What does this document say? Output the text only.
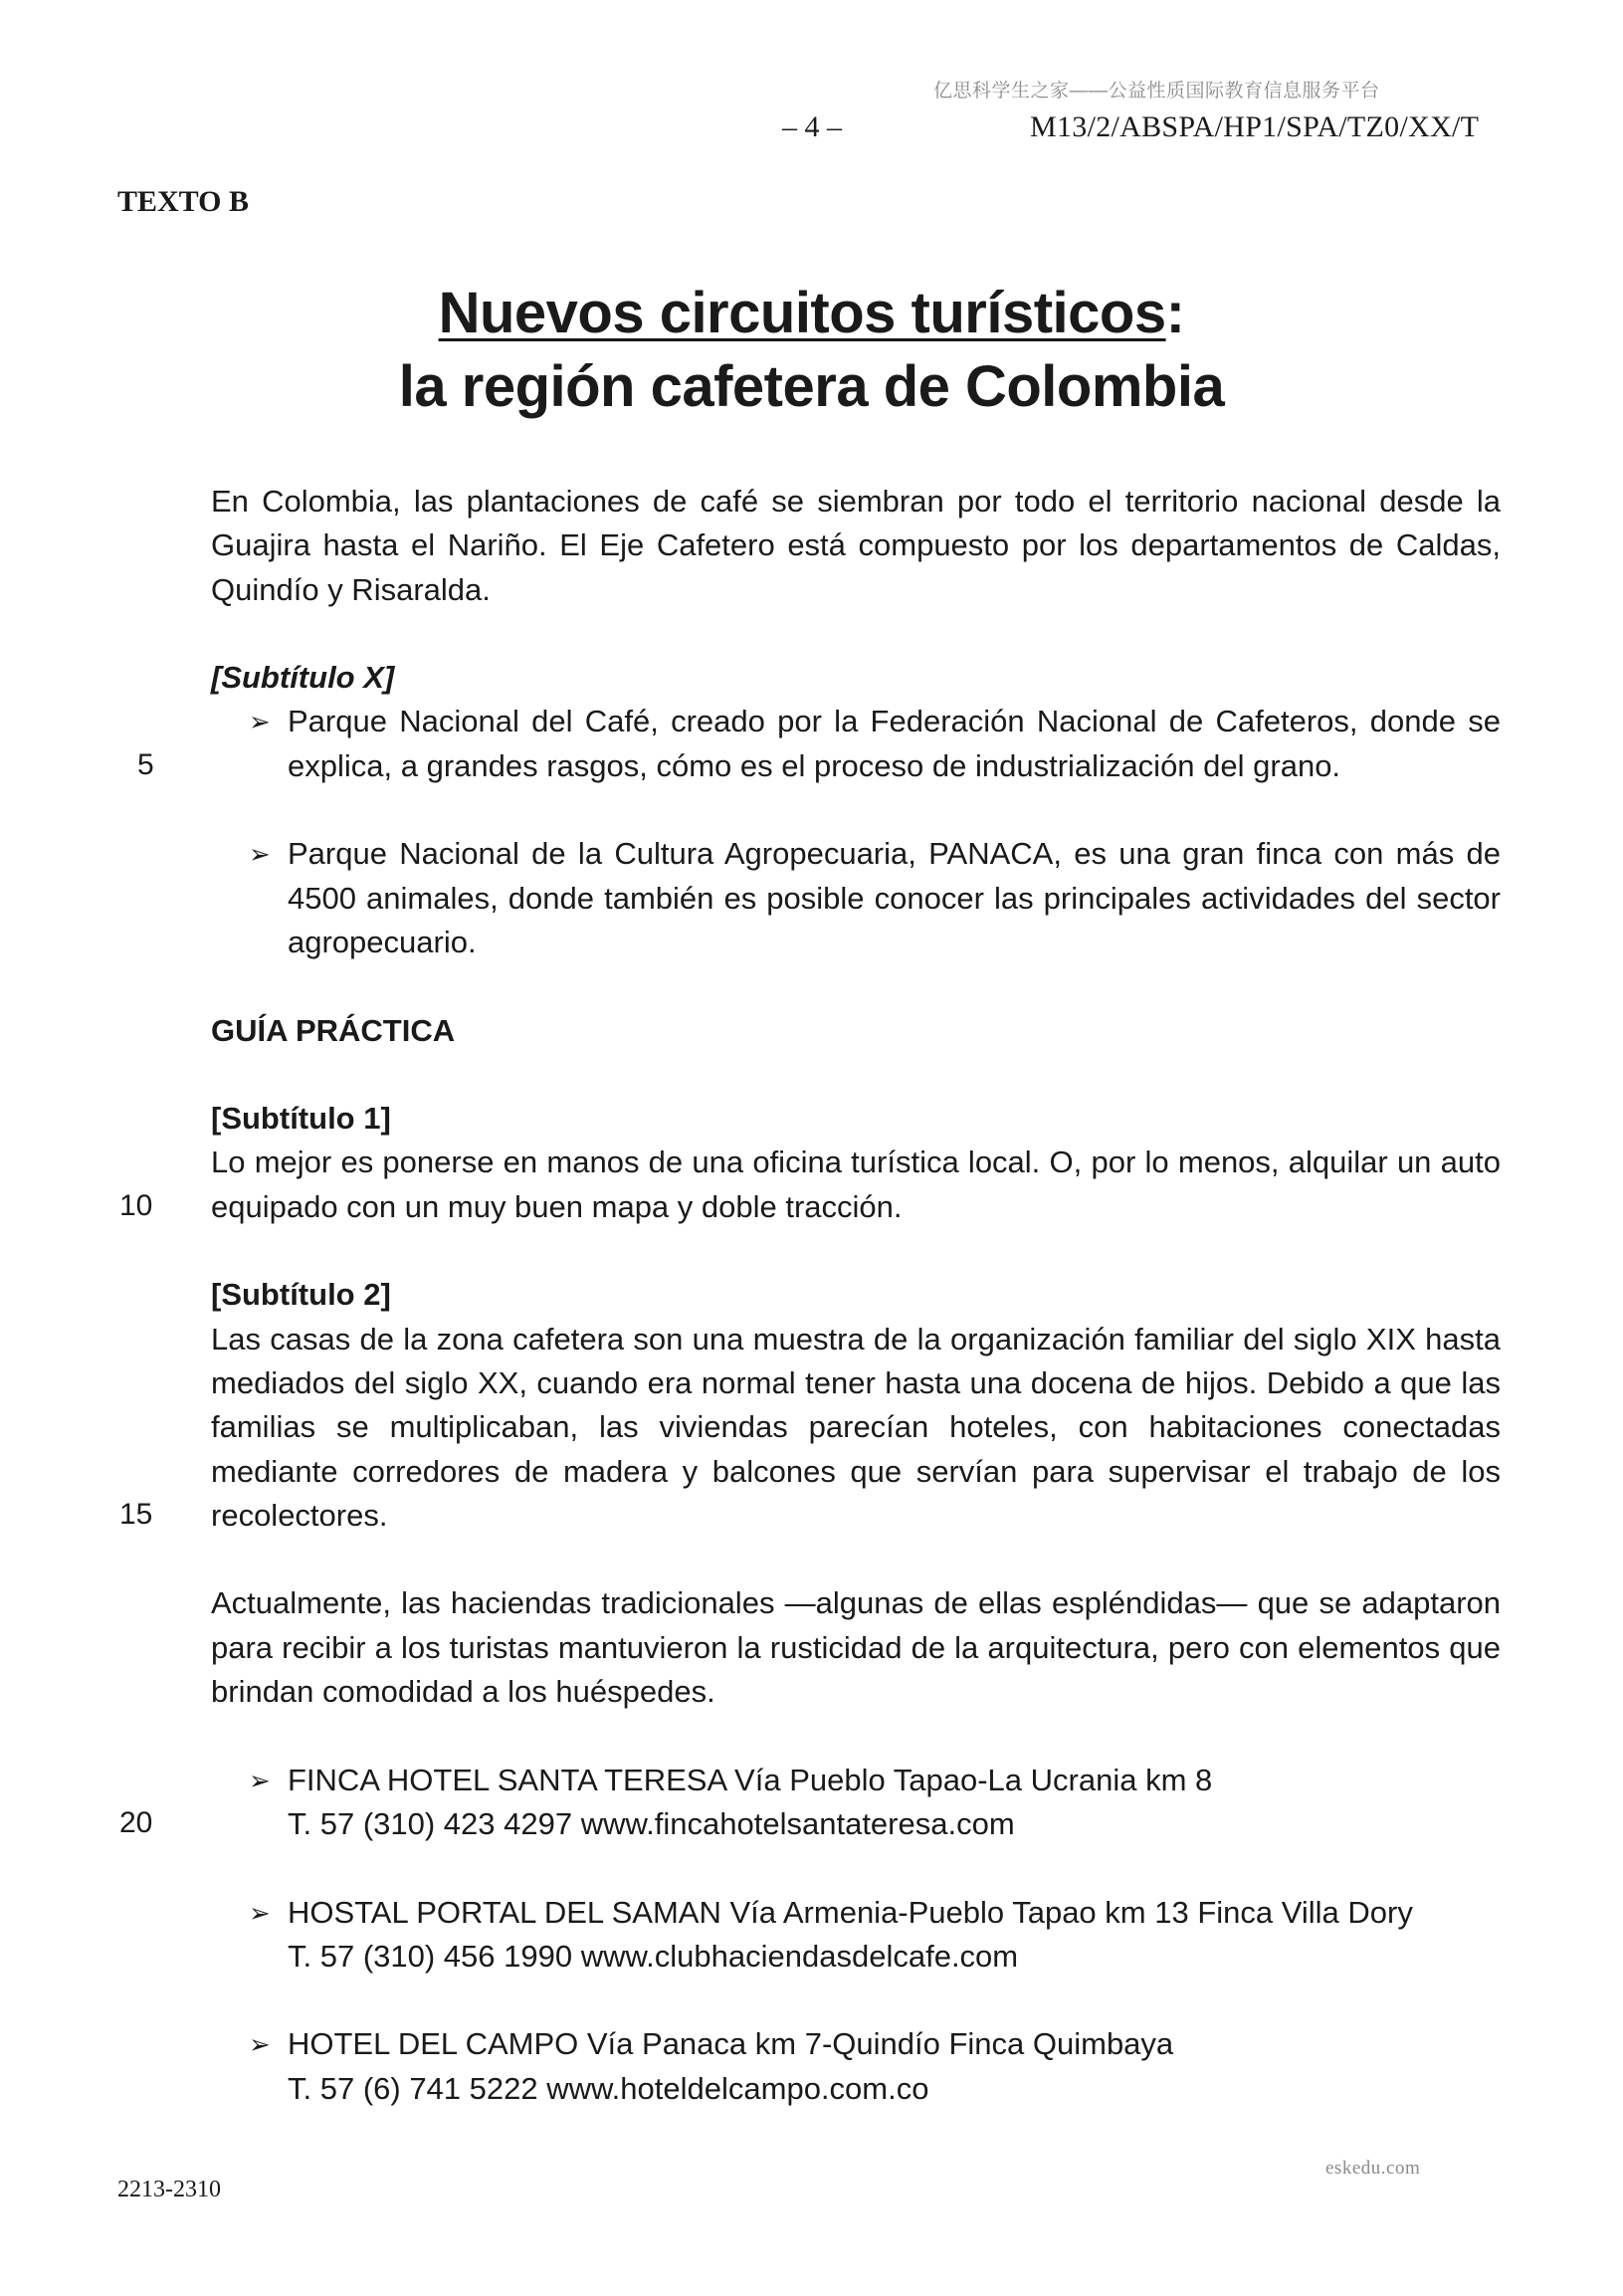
亿思科学生之家——公益性质国际教育信息服务平台
– 4 –	M13/2/ABSPA/HP1/SPA/TZ0/XX/T
TEXTO B
Nuevos circuitos turísticos:
la región cafetera de Colombia

En Colombia, las plantaciones de café se siembran por todo el territorio nacional desde la Guajira hasta el Nariño. El Eje Cafetero está compuesto por los departamentos de Caldas, Quindío y Risaralda.

[Subtítulo X]

➢ Parque Nacional del Café, creado por la Federación Nacional de Cafeteros, donde se explica, a grandes rasgos, cómo es el proceso de industrialización del grano.

➢ Parque Nacional de la Cultura Agropecuaria, PANACA, es una gran finca con más de 4500 animales, donde también es posible conocer las principales actividades del sector agropecuario.

GUÍA PRÁCTICA

[Subtítulo 1]

Lo mejor es ponerse en manos de una oficina turística local. O, por lo menos, alquilar un auto equipado con un muy buen mapa y doble tracción.

[Subtítulo 2]

Las casas de la zona cafetera son una muestra de la organización familiar del siglo XIX hasta mediados del siglo XX, cuando era normal tener hasta una docena de hijos. Debido a que las familias se multiplicaban, las viviendas parecían hoteles, con habitaciones conectadas mediante corredores de madera y balcones que servían para supervisar el trabajo de los recolectores.

Actualmente, las haciendas tradicionales —algunas de ellas espléndidas— que se adaptaron para recibir a los turistas mantuvieron la rusticidad de la arquitectura, pero con elementos que brindan comodidad a los huéspedes.

➢ FINCA HOTEL SANTA TERESA Vía Pueblo Tapao-La Ucrania km 8
T. 57 (310) 423 4297 www.fincahotelsantateresa.com

➢ HOSTAL PORTAL DEL SAMAN Vía Armenia-Pueblo Tapao km 13 Finca Villa Dory
T. 57 (310) 456 1990 www.clubhaciendasdelcafe.com

➢ HOTEL DEL CAMPO Vía Panaca km 7-Quindío Finca Quimbaya
T. 57 (6) 741 5222 www.hoteldelcampo.com.co

5
10
15
20
2213-2310
eskedu.com
